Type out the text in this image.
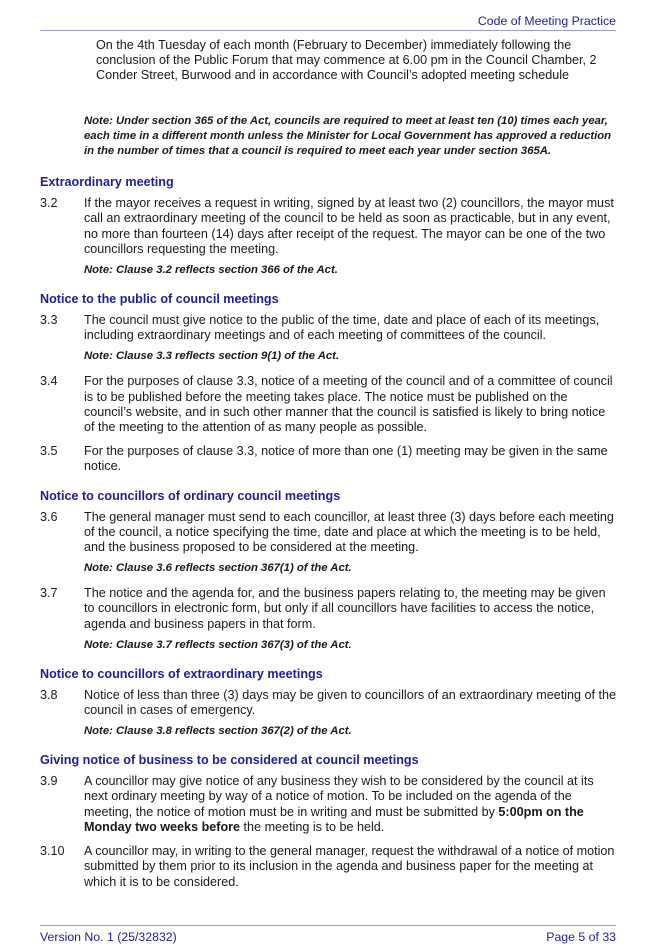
Code of Meeting Practice
On the 4th Tuesday of each month (February to December) immediately following the conclusion of the Public Forum that may commence at 6.00 pm in the Council Chamber, 2 Conder Street, Burwood and in accordance with Council’s adopted meeting schedule
Note: Under section 365 of the Act, councils are required to meet at least ten (10) times each year, each time in a different month unless the Minister for Local Government has approved a reduction in the number of times that a council is required to meet each year under section 365A.
Extraordinary meeting
3.2	If the mayor receives a request in writing, signed by at least two (2) councillors, the mayor must call an extraordinary meeting of the council to be held as soon as practicable, but in any event, no more than fourteen (14) days after receipt of the request. The mayor can be one of the two councillors requesting the meeting.
Note: Clause 3.2 reflects section 366 of the Act.
Notice to the public of council meetings
3.3	The council must give notice to the public of the time, date and place of each of its meetings, including extraordinary meetings and of each meeting of committees of the council.
Note: Clause 3.3 reflects section 9(1) of the Act.
3.4	For the purposes of clause 3.3, notice of a meeting of the council and of a committee of council is to be published before the meeting takes place. The notice must be published on the council’s website, and in such other manner that the council is satisfied is likely to bring notice of the meeting to the attention of as many people as possible.
3.5	For the purposes of clause 3.3, notice of more than one (1) meeting may be given in the same notice.
Notice to councillors of ordinary council meetings
3.6	The general manager must send to each councillor, at least three (3) days before each meeting of the council, a notice specifying the time, date and place at which the meeting is to be held, and the business proposed to be considered at the meeting.
Note: Clause 3.6 reflects section 367(1) of the Act.
3.7	The notice and the agenda for, and the business papers relating to, the meeting may be given to councillors in electronic form, but only if all councillors have facilities to access the notice, agenda and business papers in that form.
Note: Clause 3.7 reflects section 367(3) of the Act.
Notice to councillors of extraordinary meetings
3.8	Notice of less than three (3) days may be given to councillors of an extraordinary meeting of the council in cases of emergency.
Note: Clause 3.8 reflects section 367(2) of the Act.
Giving notice of business to be considered at council meetings
3.9	A councillor may give notice of any business they wish to be considered by the council at its next ordinary meeting by way of a notice of motion. To be included on the agenda of the meeting, the notice of motion must be in writing and must be submitted by 5:00pm on the Monday two weeks before the meeting is to be held.
3.10	A councillor may, in writing to the general manager, request the withdrawal of a notice of motion submitted by them prior to its inclusion in the agenda and business paper for the meeting at which it is to be considered.
Version No. 1 (25/32832)	Page 5 of 33
